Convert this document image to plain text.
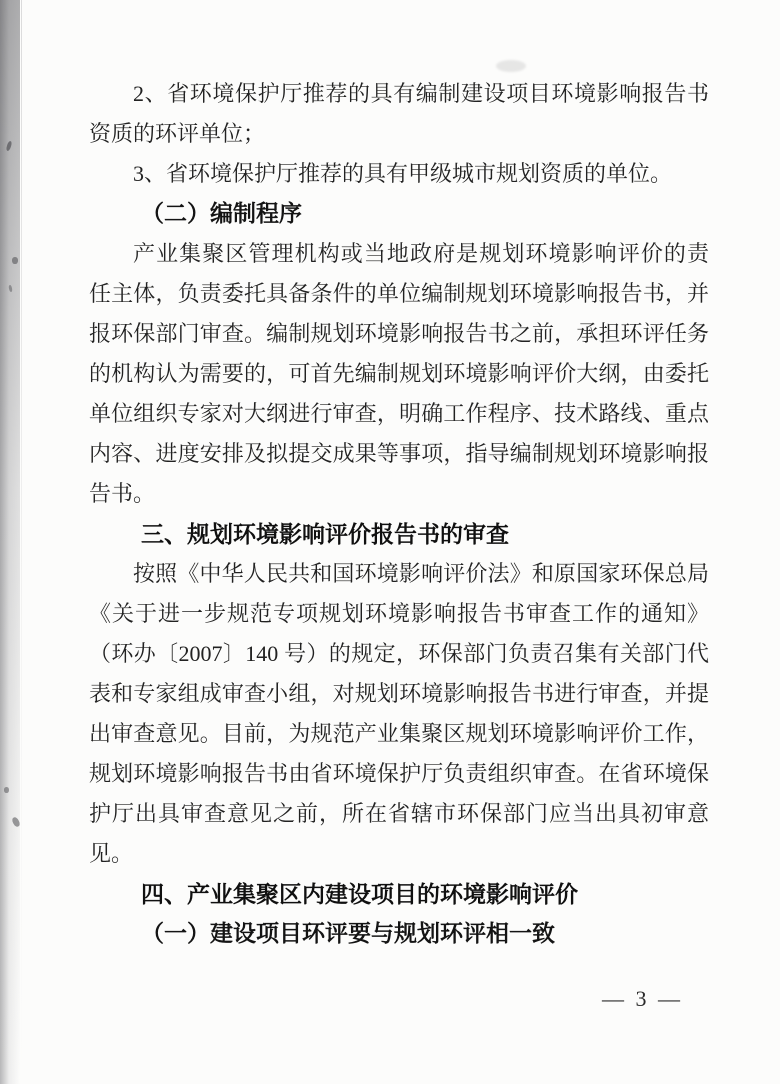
2、省环境保护厅推荐的具有编制建设项目环境影响报告书
资质的环评单位；
3、省环境保护厅推荐的具有甲级城市规划资质的单位。
（二）编制程序
产业集聚区管理机构或当地政府是规划环境影响评价的责
任主体，负责委托具备条件的单位编制规划环境影响报告书，并
报环保部门审查。编制规划环境影响报告书之前，承担环评任务
的机构认为需要的，可首先编制规划环境影响评价大纲，由委托
单位组织专家对大纲进行审查，明确工作程序、技术路线、重点
内容、进度安排及拟提交成果等事项，指导编制规划环境影响报
告书。
三、规划环境影响评价报告书的审查
按照《中华人民共和国环境影响评价法》和原国家环保总局
《关于进一步规范专项规划环境影响报告书审查工作的通知》
（环办〔2007〕140 号）的规定，环保部门负责召集有关部门代
表和专家组成审查小组，对规划环境影响报告书进行审查，并提
出审查意见。目前，为规范产业集聚区规划环境影响评价工作，
规划环境影响报告书由省环境保护厅负责组织审查。在省环境保
护厅出具审查意见之前，所在省辖市环保部门应当出具初审意
见。
四、产业集聚区内建设项目的环境影响评价
（一）建设项目环评要与规划环评相一致
— 3 —
